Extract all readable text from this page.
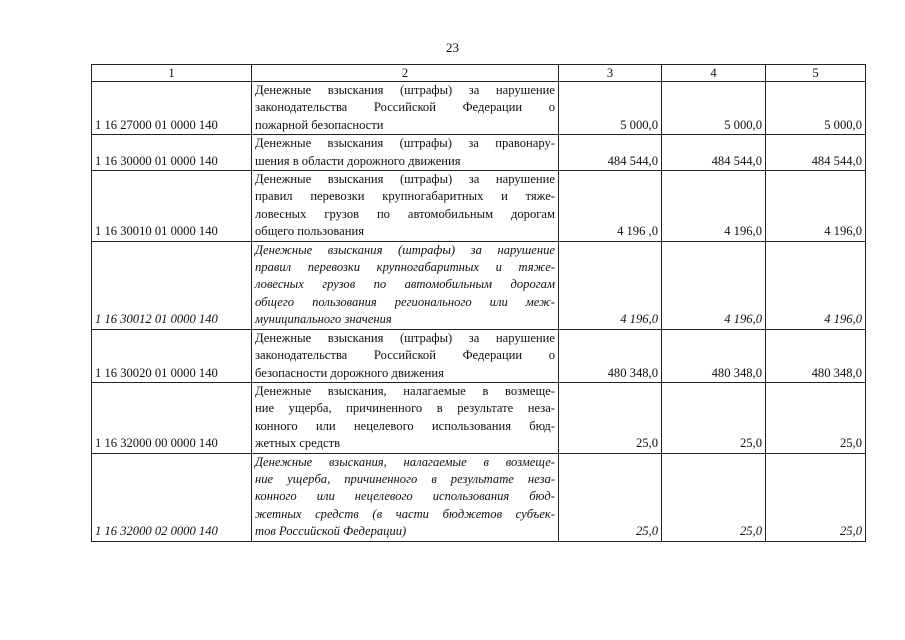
23
1	2	3	4	5
1 16 27000 01 0000 140	Денежные взыскания (штрафы) за нарушение
законодательства Российской Федерации о
пожарной безопасности	5 000,0	5 000,0	5 000,0
1 16 30000 01 0000 140	Денежные взыскания (штрафы) за правонару-
шения в области дорожного движения	484 544,0	484 544,0	484 544,0
1 16 30010 01 0000 140	Денежные взыскания (штрафы) за нарушение
правил перевозки крупногабаритных и тяже-
ловесных грузов по автомобильным дорогам
общего пользования	4 196 ,0	4 196,0	4 196,0
1 16 30012 01 0000 140	Денежные взыскания (штрафы) за нарушение
правил перевозки крупногабаритных и тяже-
ловесных грузов по автомобильным дорогам
общего пользования регионального или меж-
муниципального значения	4 196,0	4 196,0	4 196,0
1 16 30020 01 0000 140	Денежные взыскания (штрафы) за нарушение
законодательства Российской Федерации о
безопасности дорожного движения	480 348,0	480 348,0	480 348,0
1 16 32000 00 0000 140	Денежные взыскания, налагаемые в возмеще-
ние ущерба, причиненного в результате неза-
конного или нецелевого использования бюд-
жетных средств	25,0	25,0	25,0
1 16 32000 02 0000 140	Денежные взыскания, налагаемые в возмеще-
ние ущерба, причиненного в результате неза-
конного или нецелевого использования бюд-
жетных средств (в части бюджетов субъек-
тов Российской Федерации)	25,0	25,0	25,0
